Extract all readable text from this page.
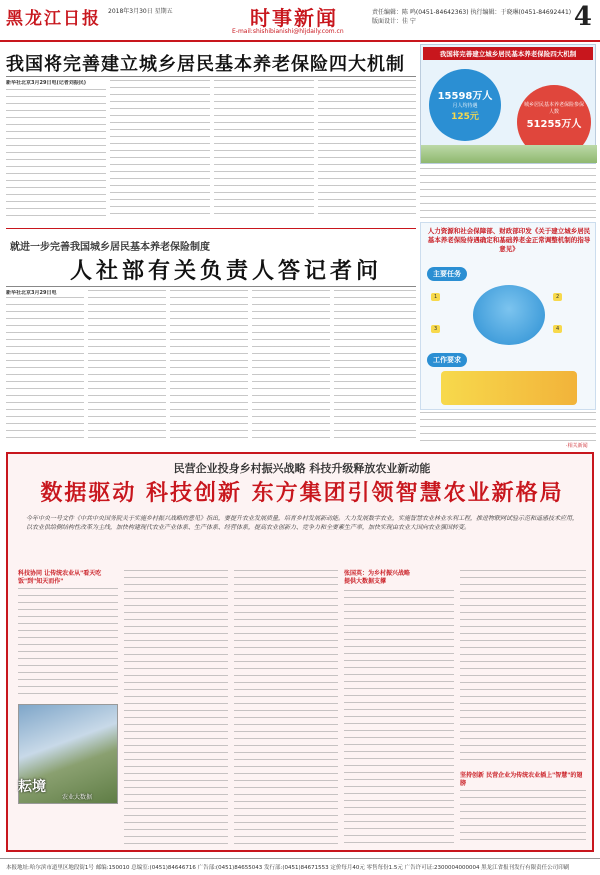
黑龙江日报 2018年3月30日 星期五	时事新闻
E-mail:shishibianishi@hljdaily.com.cn
责任编辑：陈 鸣(0451-84642363) 执行编辑：于晓琳(0451-84692441)
版面设计：佳 宁	4
我国将完善建立城乡居民基本养老保险四大机制
新华社北京3月29日电(记者刘振民)
我国将完善建立城乡居民基本养老保险四大机制
15598万人
月人均待遇
125元
城乡居民基本养老保险参保人数
51255万人
就进一步完善我国城乡居民基本养老保险制度
人社部有关负责人答记者问
新华社北京3月29日电
人力资源和社会保障部、财政部印发《关于建立城乡居民基本养老保险待遇确定和基础养老金正常调整机制的指导意见》
主要任务
1	2
3	4
工作要求
·相关新闻
民营企业投身乡村振兴战略 科技升级释放农业新动能
数据驱动 科技创新 东方集团引领智慧农业新格局
今年中央一号文件《中共中央国务院关于实施乡村振兴战略的意见》指出，要提升农业发展质量，培育乡村发展新动能。大力发展数字农业，实施智慧农业林业水利工程，推进物联网试验示范和遥感技术应用，以农业供给侧结构性改革为主线，加快构建现代农业产业体系、生产体系、经营体系，提高农业创新力、竞争力和全要素生产率，加快实现由农业大国向农业强国转变。
科技协同 让传统农业从"看天吃饭"到"知天而作"
张国英：为乡村振兴战略提供大数据支撑
坚持创新 民营企业为传统农业插上"智慧"的翅膀
耘境
农业大数据
本报地址:哈尔滨市道里区地段街1号 邮编:150010 总编室:(0451)84646716 广告部:(0451)84655043 发行部:(0451)84671553 定价每月40元 零售每份1.5元 广告许可证:2300004000004 黑龙江省报刊发行有限责任公司印刷
